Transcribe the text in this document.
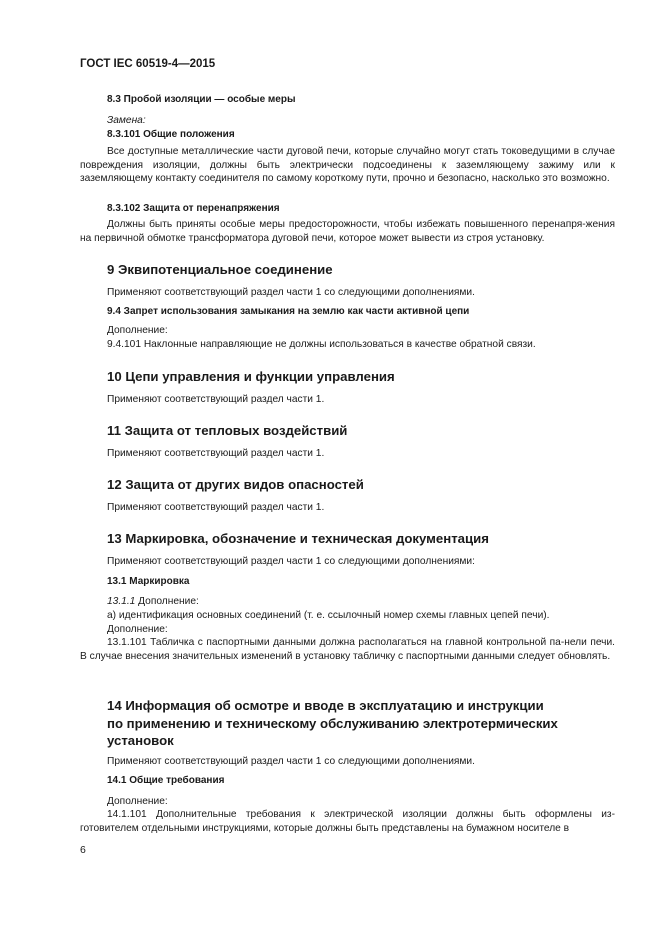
ГОСТ IEC 60519-4—2015
8.3 Пробой изоляции — особые меры
Замена:
8.3.101 Общие положения
Все доступные металлические части дуговой печи, которые случайно могут стать токоведущими в случае повреждения изоляции, должны быть электрически подсоединены к заземляющему зажиму или к заземляющему контакту соединителя по самому короткому пути, прочно и безопасно, насколько это возможно.
8.3.102 Защита от перенапряжения
Должны быть приняты особые меры предосторожности, чтобы избежать повышенного перенапря-жения на первичной обмотке трансформатора дуговой печи, которое может вывести из строя установку.
9 Эквипотенциальное соединение
Применяют соответствующий раздел части 1 со следующими дополнениями.
9.4 Запрет использования замыкания на землю как части активной цепи
Дополнение:
9.4.101 Наклонные направляющие не должны использоваться в качестве обратной связи.
10 Цепи управления и функции управления
Применяют соответствующий раздел части 1.
11 Защита от тепловых воздействий
Применяют соответствующий раздел части 1.
12 Защита от других видов опасностей
Применяют соответствующий раздел части 1.
13 Маркировка, обозначение и техническая документация
Применяют соответствующий раздел части 1 со следующими дополнениями:
13.1 Маркировка
13.1.1 Дополнение:
а) идентификация основных соединений (т. е. ссылочный номер схемы главных цепей печи).
Дополнение:
13.1.101 Табличка с паспортными данными должна располагаться на главной контрольной па-нели печи. В случае внесения значительных изменений в установку табличку с паспортными данными следует обновлять.
14 Информация об осмотре и вводе в эксплуатацию и инструкции
по применению и техническому обслуживанию электротермических
установок
Применяют соответствующий раздел части 1 со следующими дополнениями.
14.1 Общие требования
Дополнение:
14.1.101 Дополнительные требования к электрической изоляции должны быть оформлены из-готовителем отдельными инструкциями, которые должны быть представлены на бумажном носителе в
6
